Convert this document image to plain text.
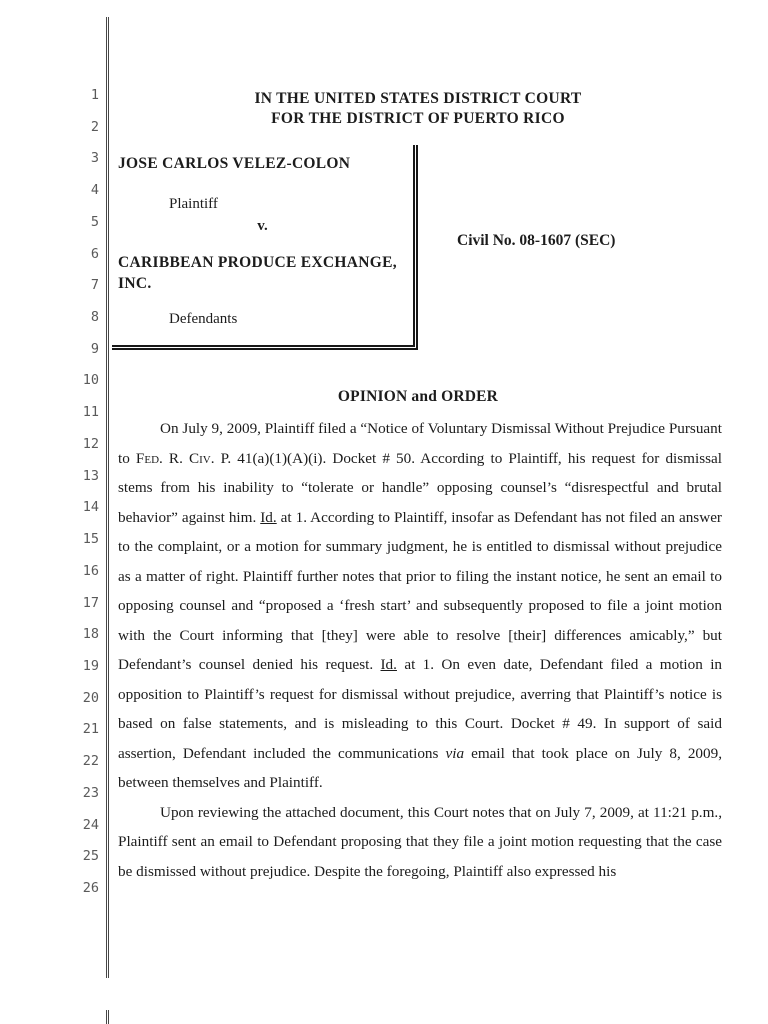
1
2
3
4
5
6
7
8
9
10
11
12
13
14
15
16
17
18
19
20
21
22
23
24
25
26
IN THE UNITED STATES DISTRICT COURT
FOR THE DISTRICT OF PUERTO RICO
JOSE CARLOS VELEZ-COLON
Plaintiff
v.
CARIBBEAN PRODUCE EXCHANGE, INC.
Defendants
Civil No. 08-1607 (SEC)
OPINION and ORDER

On July 9, 2009, Plaintiff filed a “Notice of Voluntary Dismissal Without Prejudice Pursuant to Fed. R. Civ. P. 41(a)(1)(A)(i). Docket # 50. According to Plaintiff, his request for dismissal stems from his inability to “tolerate or handle” opposing counsel’s “disrespectful and brutal behavior” against him. Id. at 1. According to Plaintiff, insofar as Defendant has not filed an answer to the complaint, or a motion for summary judgment, he is entitled to dismissal without prejudice as a matter of right. Plaintiff further notes that prior to filing the instant notice, he sent an email to opposing counsel and “proposed a ‘fresh start’ and subsequently proposed to file a joint motion with the Court informing that [they] were able to resolve [their] differences amicably,” but Defendant’s counsel denied his request. Id. at 1. On even date, Defendant filed a motion in opposition to Plaintiff’s request for dismissal without prejudice, averring that Plaintiff’s notice is based on false statements, and is misleading to this Court. Docket # 49. In support of said assertion, Defendant included the communications via email that took place on July 8, 2009, between themselves and Plaintiff.

Upon reviewing the attached document, this Court notes that on July 7, 2009, at 11:21 p.m., Plaintiff sent an email to Defendant proposing that they file a joint motion requesting that the case be dismissed without prejudice. Despite the foregoing, Plaintiff also expressed his
